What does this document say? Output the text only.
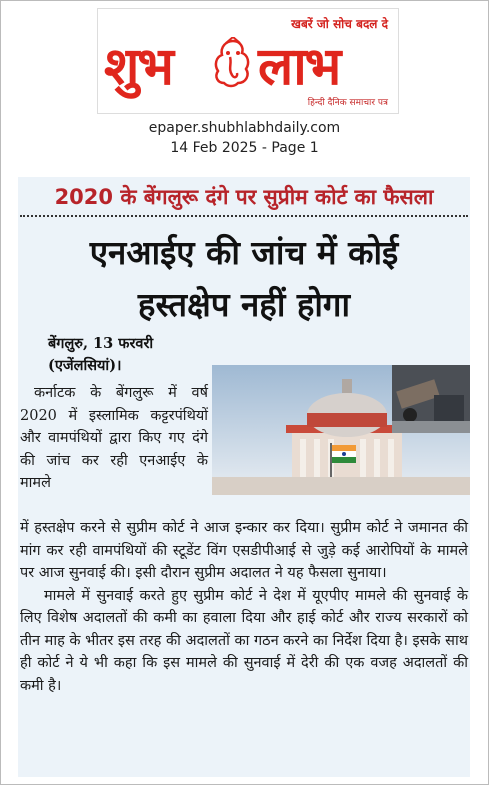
खबरें जो सोच बदल दे
शुभ लाभ
हिन्दी दैनिक समाचार पत्र
epaper.shubhlabhdaily.com
14 Feb 2025 - Page 1
2020 के बेंगलुरू दंगे पर सुप्रीम कोर्ट का फैसला
एनआईए की जांच में कोई
हस्तक्षेप नहीं होगा
बेंगलुरु, 13 फरवरी
(एजेंलसियां)।
कर्नाटक के बेंगलुरू में वर्ष 2020 में इस्लामिक कट्टरपंथियों और वामपंथियों द्वारा किए गए दंगे की जांच कर रही एनआईए के मामले

में हस्तक्षेप करने से सुप्रीम कोर्ट ने आज इन्कार कर दिया। सुप्रीम कोर्ट ने जमानत की मांग कर रही वामपंथियों की स्टूडेंट विंग एसडीपीआई से जुड़े कई आरोपियों के मामले पर आज सुनवाई की। इसी दौरान सुप्रीम अदालत ने यह फैसला सुनाया।

मामले में सुनवाई करते हुए सुप्रीम कोर्ट ने देश में यूएपीए मामले की सुनवाई के लिए विशेष अदालतों की कमी का हवाला दिया और हाई कोर्ट और राज्य सरकारों को तीन माह के भीतर इस तरह की अदालतों का गठन करने का निर्देश दिया है। इसके साथ ही कोर्ट ने ये भी कहा कि इस मामले की सुनवाई में देरी की एक वजह अदालतों की कमी है।
